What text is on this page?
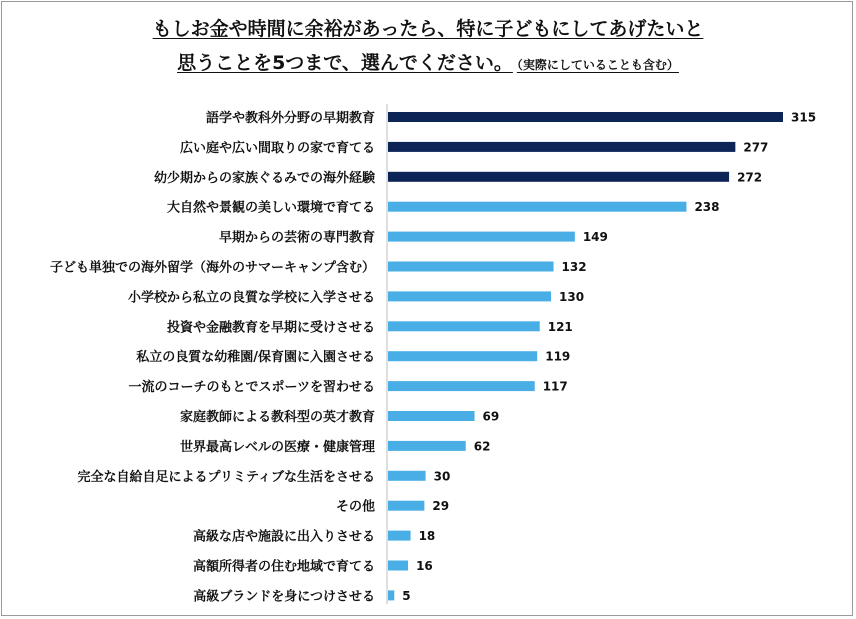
もしお金や時間に余裕があったら、特に子どもにしてあげたいと
思うことを5つまで、選んでください。 （実際にしていることも含む）
語学や教科外分野の早期教育	315
広い庭や広い間取りの家で育てる	277
幼少期からの家族ぐるみでの海外経験	272
大自然や景観の美しい環境で育てる	238
早期からの芸術の専門教育	149
子ども単独での海外留学（海外のサマーキャンプ含む）	132
小学校から私立の良質な学校に入学させる	130
投資や金融教育を早期に受けさせる	121
私立の良質な幼稚園/保育園に入園させる	119
一流のコーチのもとでスポーツを習わせる	117
家庭教師による教科型の英才教育	69
世界最高レベルの医療・健康管理	62
完全な自給自足によるプリミティブな生活をさせる	30
その他	29
高級な店や施設に出入りさせる	18
高額所得者の住む地域で育てる	16
高級ブランドを身につけさせる 5
